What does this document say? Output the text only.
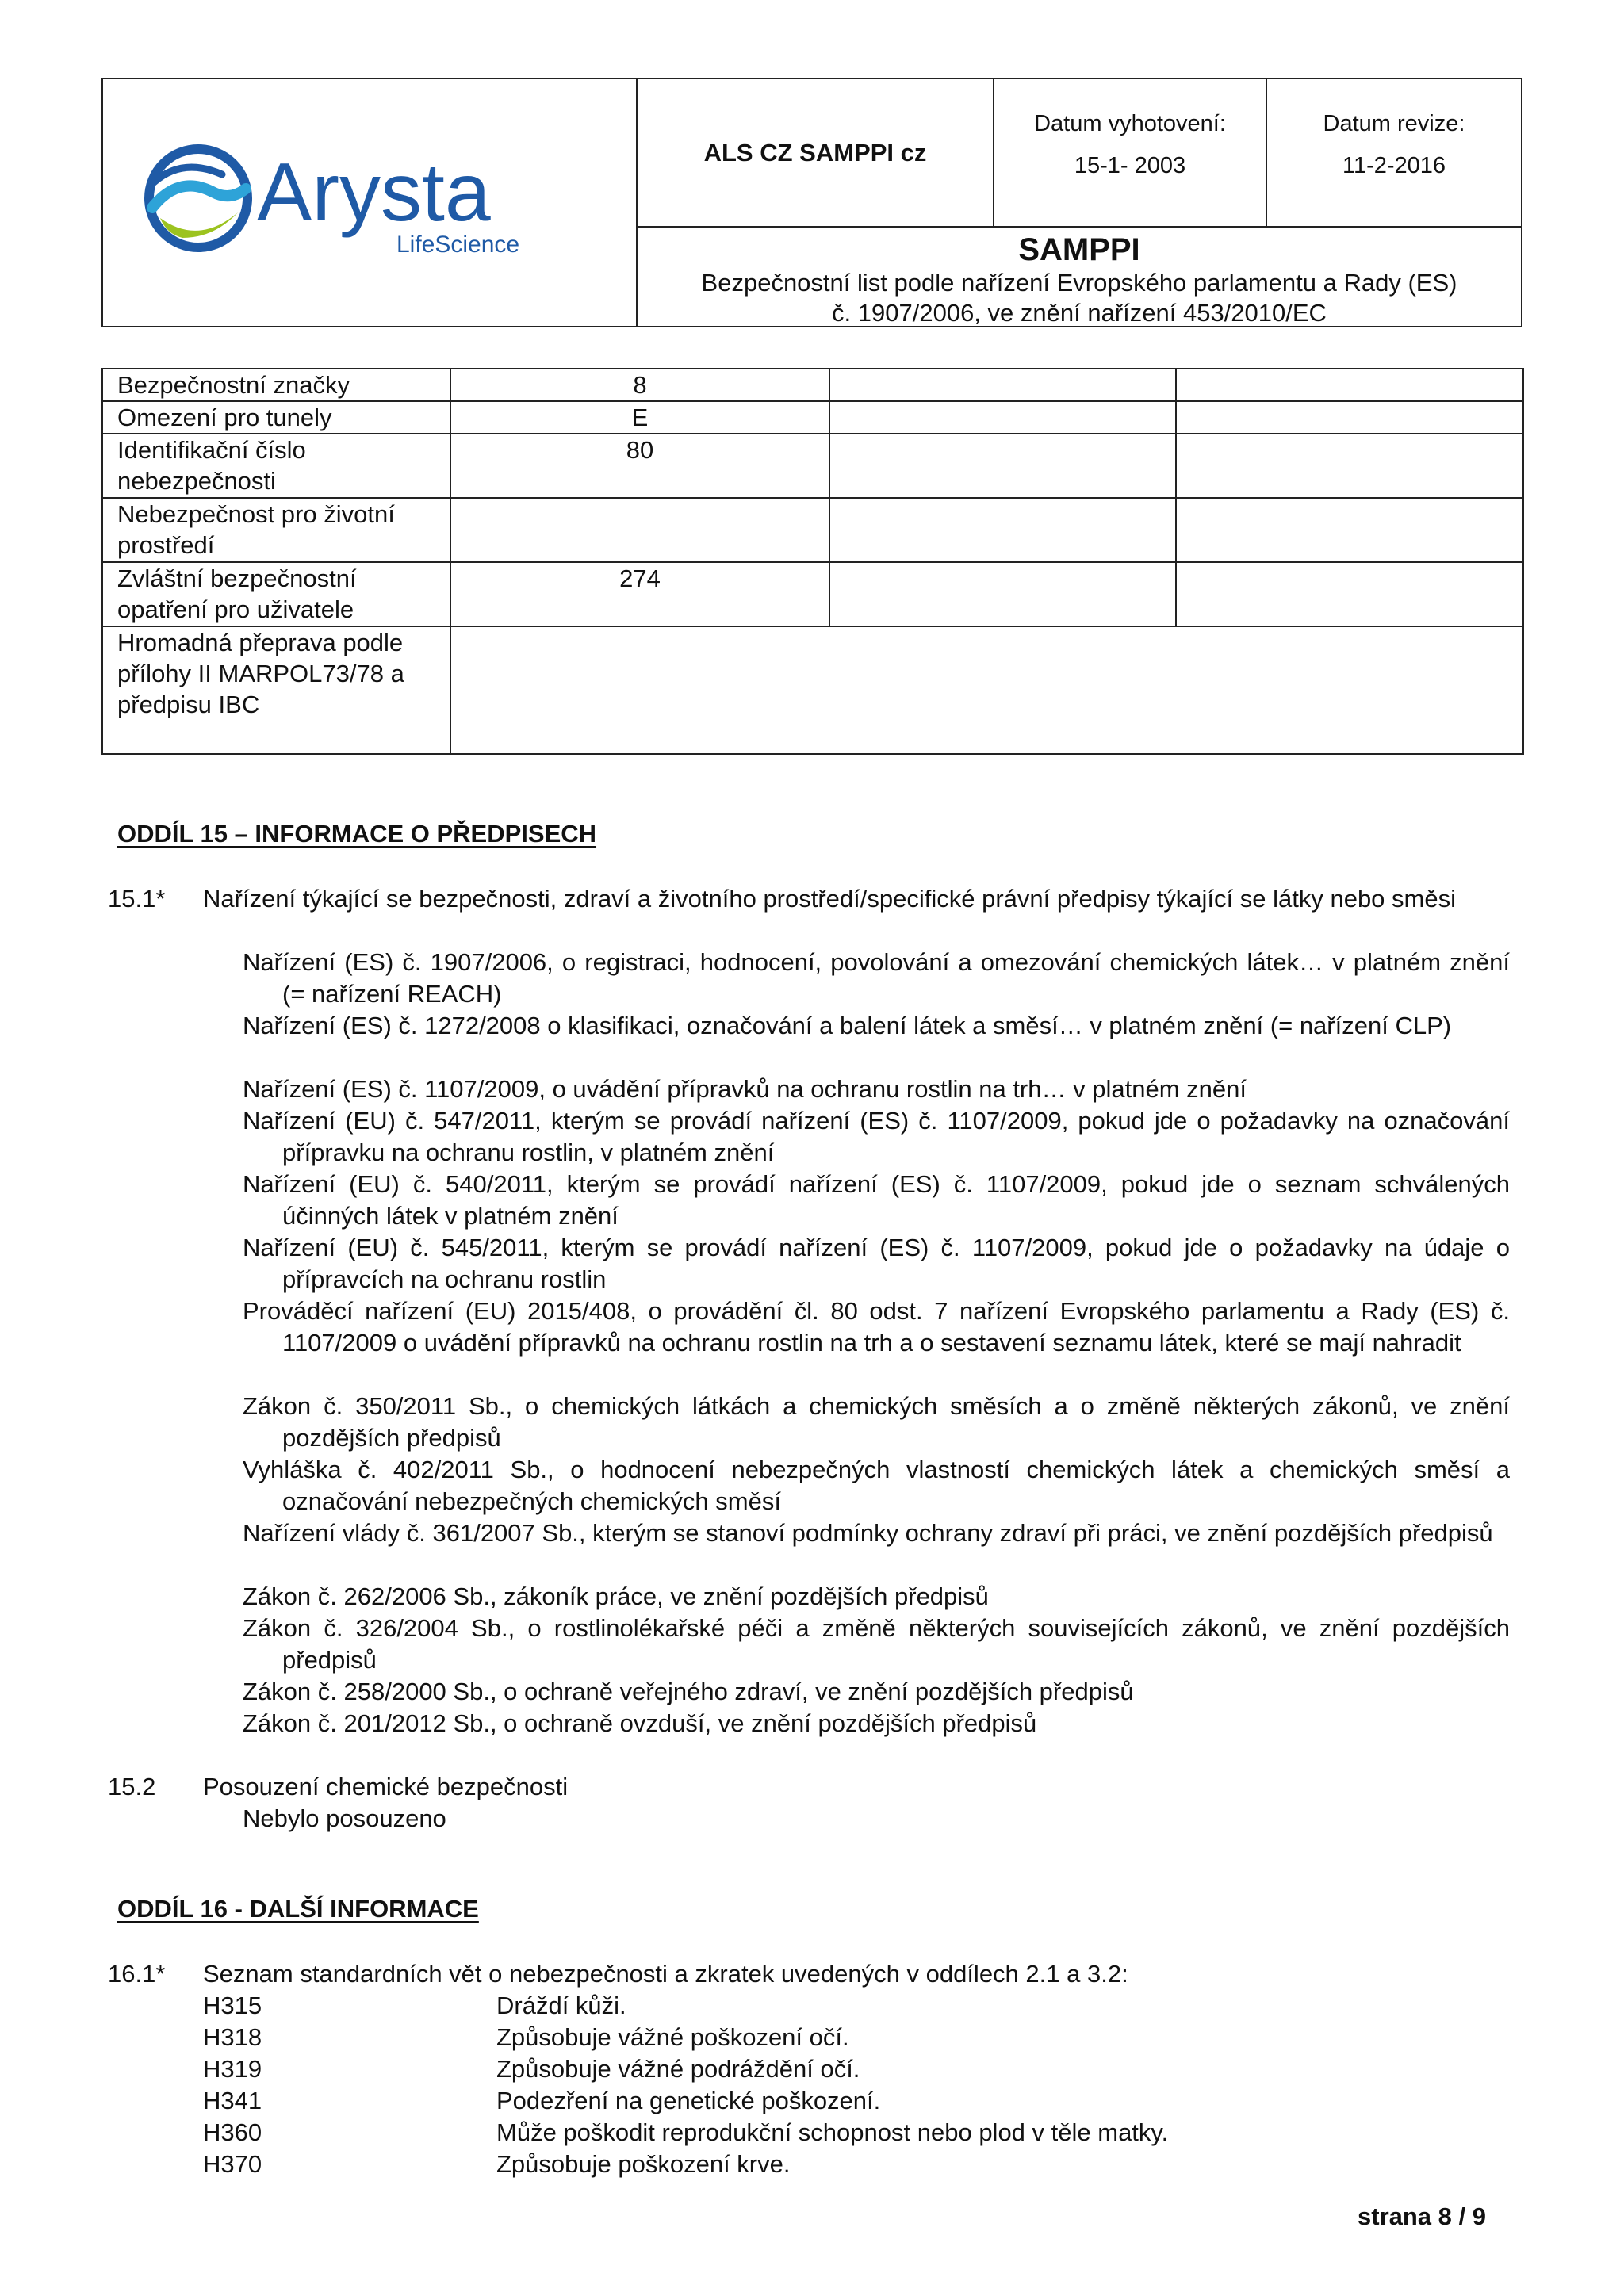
Arysta
LifeScience
ALS CZ SAMPPI cz
Datum vyhotovení:
15-1- 2003
Datum revize:
11-2-2016
SAMPPI
Bezpečnostní list podle nařízení Evropského parlamentu a Rady (ES)
č. 1907/2006, ve znění nařízení 453/2010/EC
Bezpečnostní značky	8		
Omezení pro tunely	E		
Identifikační číslo nebezpečnosti	80		
Nebezpečnost pro životní prostředí			
Zvláštní bezpečnostní opatření pro uživatele	274		
Hromadná přeprava podle přílohy II MARPOL73/78 a předpisu IBC			
ODDÍL 15 – INFORMACE O PŘEDPISECH
15.1* Nařízení týkající se bezpečnosti, zdraví a životního prostředí/specifické právní předpisy týkající se látky nebo směsi
Nařízení (ES) č. 1907/2006, o registraci, hodnocení, povolování a omezování chemických látek… v platném znění (= nařízení REACH)
Nařízení (ES) č. 1272/2008 o klasifikaci, označování a balení látek a směsí… v platném znění (= nařízení CLP)
Nařízení (ES) č. 1107/2009, o uvádění přípravků na ochranu rostlin na trh… v platném znění
Nařízení (EU) č. 547/2011, kterým se provádí nařízení (ES) č. 1107/2009, pokud jde o požadavky na označování přípravku na ochranu rostlin, v platném znění
Nařízení (EU) č. 540/2011, kterým se provádí nařízení (ES) č. 1107/2009, pokud jde o seznam schválených účinných látek v platném znění
Nařízení (EU) č. 545/2011, kterým se provádí nařízení (ES) č. 1107/2009, pokud jde o požadavky na údaje o přípravcích na ochranu rostlin
Prováděcí nařízení (EU) 2015/408, o provádění čl. 80 odst. 7 nařízení Evropského parlamentu a Rady (ES) č. 1107/2009 o uvádění přípravků na ochranu rostlin na trh a o sestavení seznamu látek, které se mají nahradit
Zákon č. 350/2011 Sb., o chemických látkách a chemických směsích a o změně některých zákonů, ve znění pozdějších předpisů
Vyhláška č. 402/2011 Sb., o hodnocení nebezpečných vlastností chemických látek a chemických směsí a označování nebezpečných chemických směsí
Nařízení vlády č. 361/2007 Sb., kterým se stanoví podmínky ochrany zdraví při práci, ve znění pozdějších předpisů
Zákon č. 262/2006 Sb., zákoník práce, ve znění pozdějších předpisů
Zákon č. 326/2004 Sb., o rostlinolékařské péči a změně některých souvisejících zákonů, ve znění pozdějších předpisů
Zákon č. 258/2000 Sb., o ochraně veřejného zdraví, ve znění pozdějších předpisů
Zákon č. 201/2012 Sb., o ochraně ovzduší, ve znění pozdějších předpisů
15.2 Posouzení chemické bezpečnosti
Nebylo posouzeno
ODDÍL 16 - DALŠÍ INFORMACE
16.1* Seznam standardních vět o nebezpečnosti a zkratek uvedených v oddílech 2.1 a 3.2:
H315	Dráždí kůži.
H318	Způsobuje vážné poškození očí.
H319	Způsobuje vážné podráždění očí.
H341	Podezření na genetické poškození.
H360	Může poškodit reprodukční schopnost nebo plod v těle matky.
H370	Způsobuje poškození krve.
strana 8 / 9
